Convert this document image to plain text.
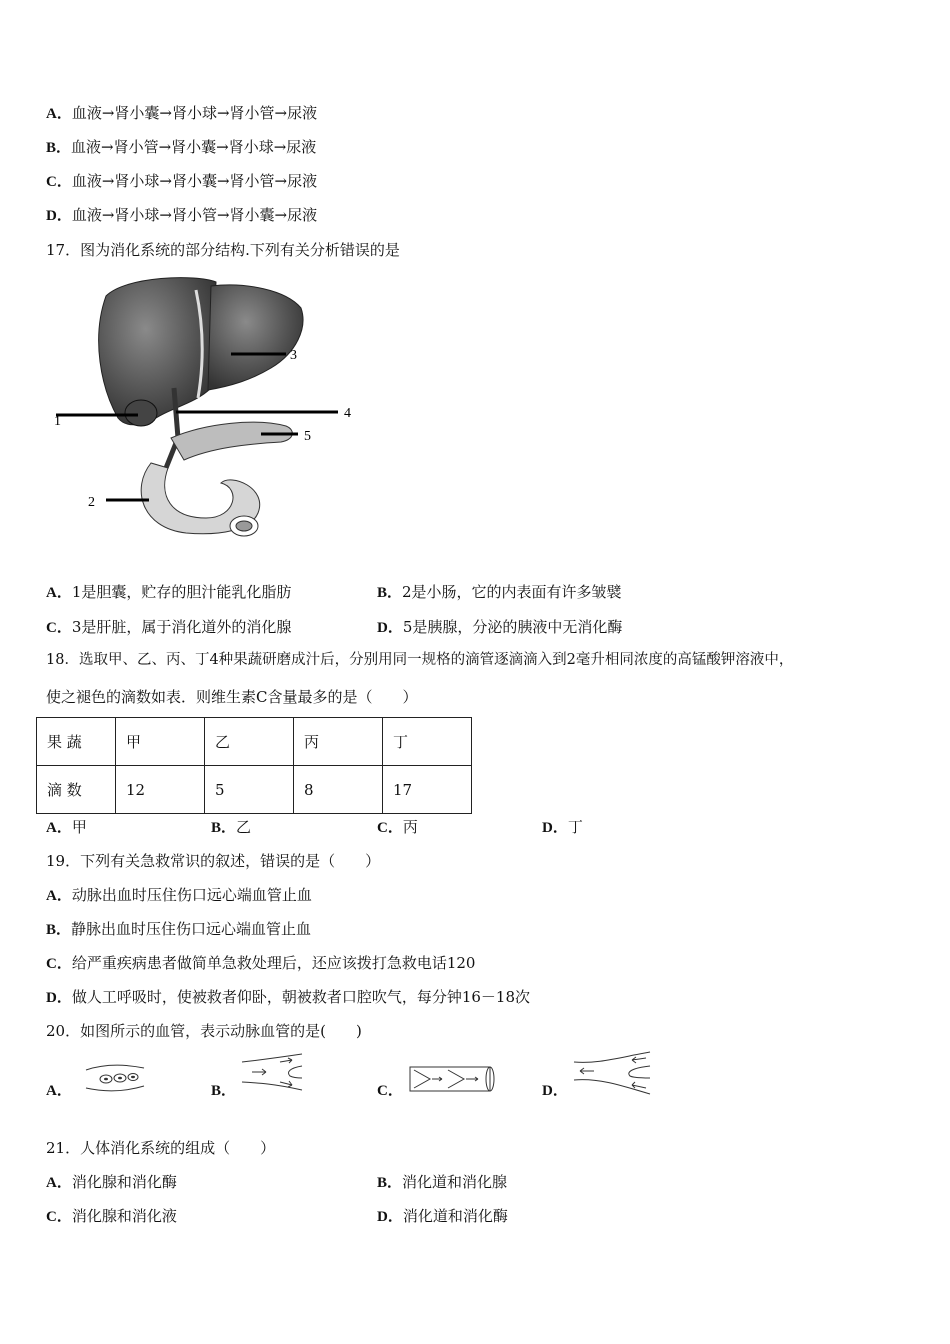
A．血液→肾小囊→肾小球→肾小管→尿液
B．血液→肾小管→肾小囊→肾小球→尿液
C．血液→肾小球→肾小囊→肾小管→尿液
D．血液→肾小球→肾小管→肾小囊→尿液
17．图为消化系统的部分结构.下列有关分析错误的是
1
2
3
4
5
A．1是胆囊，贮存的胆汁能乳化脂肪	B．2是小肠，它的内表面有许多皱襞
C．3是肝脏，属于消化道外的消化腺	D．5是胰腺，分泌的胰液中无消化酶
18．选取甲、乙、丙、丁4种果蔬研磨成汁后，分别用同一规格的滴管逐滴滴入到2毫升相同浓度的高锰酸钾溶液中，
使之褪色的滴数如表．则维生素C含量最多的是（　　）
果 蔬	甲	乙	丙	丁
滴 数	12	5	8	17
A．甲	B．乙	C．丙	D．丁
19．下列有关急救常识的叙述，错误的是（　　）
A．动脉出血时压住伤口远心端血管止血
B．静脉出血时压住伤口远心端血管止血
C．给严重疾病患者做简单急救处理后，还应该拨打急救电话120
D．做人工呼吸时，使被救者仰卧，朝被救者口腔吹气，每分钟16－18次
20．如图所示的血管，表示动脉血管的是(　　)
A．	B．	C．	D．
21．人体消化系统的组成（　　）
A．消化腺和消化酶	B．消化道和消化腺
C．消化腺和消化液	D．消化道和消化酶
